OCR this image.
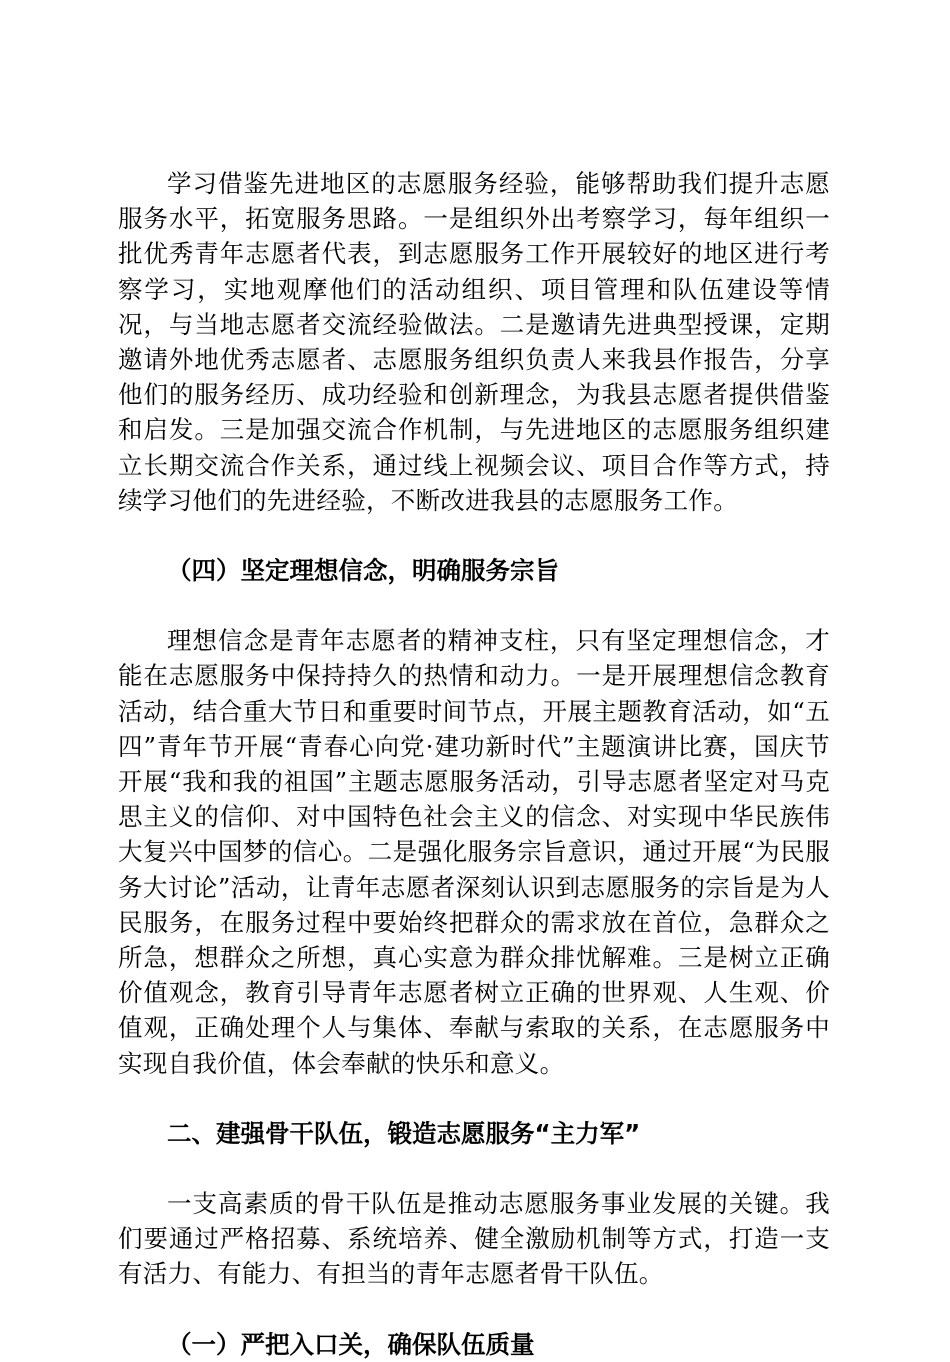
学习借鉴先进地区的志愿服务经验，能够帮助我们提升志愿服务水平，拓宽服务思路。一是组织外出考察学习，每年组织一批优秀青年志愿者代表，到志愿服务工作开展较好的地区进行考察学习，实地观摩他们的活动组织、项目管理和队伍建设等情况，与当地志愿者交流经验做法。二是邀请先进典型授课，定期邀请外地优秀志愿者、志愿服务组织负责人来我县作报告，分享他们的服务经历、成功经验和创新理念，为我县志愿者提供借鉴和启发。三是加强交流合作机制，与先进地区的志愿服务组织建立长期交流合作关系，通过线上视频会议、项目合作等方式，持续学习他们的先进经验，不断改进我县的志愿服务工作。

（四）坚定理想信念，明确服务宗旨

理想信念是青年志愿者的精神支柱，只有坚定理想信念，才能在志愿服务中保持持久的热情和动力。一是开展理想信念教育活动，结合重大节日和重要时间节点，开展主题教育活动，如“五四”青年节开展“青春心向党·建功新时代”主题演讲比赛，国庆节开展“我和我的祖国”主题志愿服务活动，引导志愿者坚定对马克思主义的信仰、对中国特色社会主义的信念、对实现中华民族伟大复兴中国梦的信心。二是强化服务宗旨意识，通过开展“为民服务大讨论”活动，让青年志愿者深刻认识到志愿服务的宗旨是为人民服务，在服务过程中要始终把群众的需求放在首位，急群众之所急，想群众之所想，真心实意为群众排忧解难。三是树立正确价值观念，教育引导青年志愿者树立正确的世界观、人生观、价值观，正确处理个人与集体、奉献与索取的关系，在志愿服务中实现自我价值，体会奉献的快乐和意义。

二、建强骨干队伍，锻造志愿服务“主力军”

一支高素质的骨干队伍是推动志愿服务事业发展的关键。我们要通过严格招募、系统培养、健全激励机制等方式，打造一支有活力、有能力、有担当的青年志愿者骨干队伍。

（一）严把入口关，确保队伍质量
